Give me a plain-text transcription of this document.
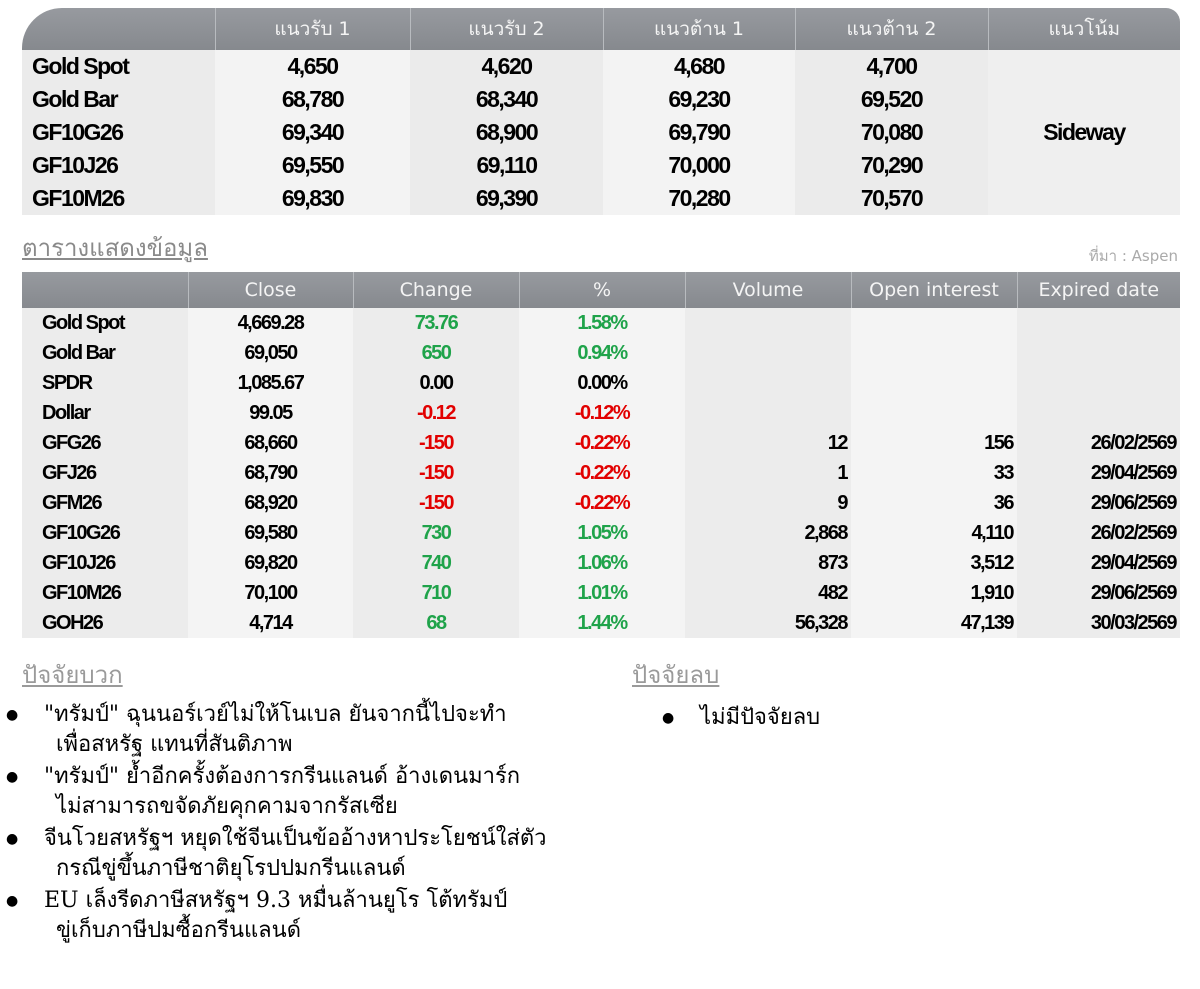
	แนวรับ 1	แนวรับ 2	แนวต้าน 1	แนวต้าน 2	แนวโน้ม
Gold Spot	4,650	4,620	4,680	4,700	Sideway
Gold Bar	68,780	68,340	69,230	69,520	
GF10G26	69,340	68,900	69,790	70,080	
GF10J26	69,550	69,110	70,000	70,290	
GF10M26	69,830	69,390	70,280	70,570	
ตารางแสดงข้อมูล	ที่มา : Aspen
	Close	Change	%	Volume	Open interest	Expired date
Gold Spot	4,669.28	73.76	1.58%			
Gold Bar	69,050	650	0.94%			
SPDR	1,085.67	0.00	0.00%			
Dollar	99.05	-0.12	-0.12%			
GFG26	68,660	-150	-0.22%	12	156	26/02/2569
GFJ26	68,790	-150	-0.22%	1	33	29/04/2569
GFM26	68,920	-150	-0.22%	9	36	29/06/2569
GF10G26	69,580	730	1.05%	2,868	4,110	26/02/2569
GF10J26	69,820	740	1.06%	873	3,512	29/04/2569
GF10M26	70,100	710	1.01%	482	1,910	29/06/2569
GOH26	4,714	68	1.44%	56,328	47,139	30/03/2569
ปัจจัยบวก	ปัจจัยลบ
● "ทรัมป์" ฉุนนอร์เวย์ไม่ให้โนเบล ยันจากนี้ไปจะทำ
เพื่อสหรัฐ แทนที่สันติภาพ
● "ทรัมป์" ย้ำอีกครั้งต้องการกรีนแลนด์ อ้างเดนมาร์ก
ไม่สามารถขจัดภัยคุกคามจากรัสเซีย
● จีนโวยสหรัฐฯ หยุดใช้จีนเป็นข้ออ้างหาประโยชน์ใส่ตัว
กรณีขู่ขึ้นภาษีชาติยุโรปปมกรีนแลนด์
● EU เล็งรีดภาษีสหรัฐฯ 9.3 หมื่นล้านยูโร โต้ทรัมป์
ขู่เก็บภาษีปมซื้อกรีนแลนด์
● ไม่มีปัจจัยลบ
